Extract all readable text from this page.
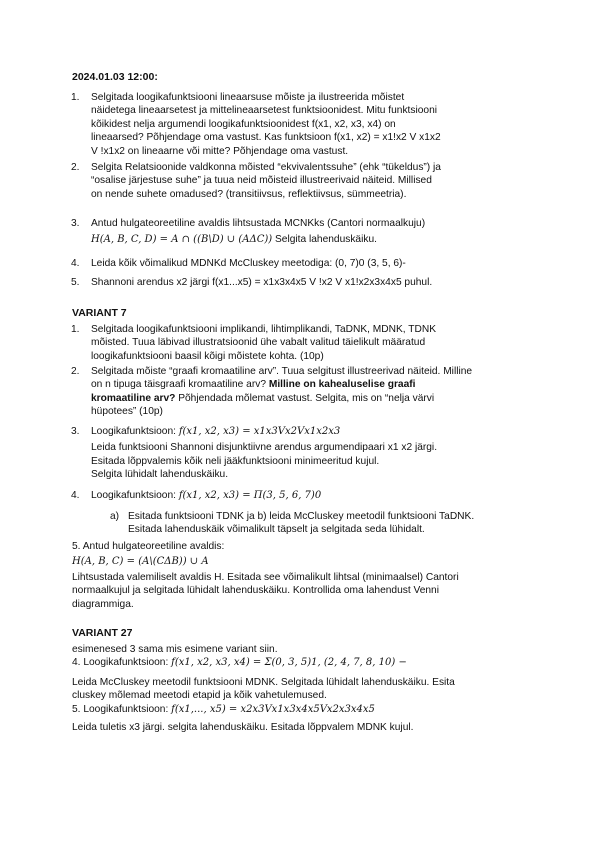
2024.01.03 12:00:
1. Selgitada loogikafunktsiooni lineaarsuse mõiste ja ilustreerida mõistet
näidetega lineaarsetest ja mittelineaarsetest funktsioonidest. Mitu funktsiooni
kõikidest nelja argumendi loogikafunktsioonidest f(x1, x2, x3, x4) on
lineaarsed? Põhjendage oma vastust. Kas funktsioon f(x1, x2) = x1!x2 V x1x2
V !x1x2 on lineaarne või mitte? Põhjendage oma vastust.
2. Selgita Relatsioonide valdkonna mõisted “ekvivalentssuhe” (ehk “tükeldus”) ja
“osalise järjestuse suhe” ja tuua neid mõisteid illustreerivaid näiteid. Millised
on nende suhete omadused? (transitiivsus, reflektiivsus, sümmeetria).
3. Antud hulgateoreetiline avaldis lihtsustada MCNKks (Cantori normaalkuju)
H(A, B, C, D) = A ∩ ((B\D) ∪ (AΔC)) Selgita lahenduskäiku.
4. Leida kõik võimalikud MDNKd McCluskey meetodiga: (0, 7)0 (3, 5, 6)-
5. Shannoni arendus x2 järgi f(x1...x5) = x1x3x4x5 V !x2 V x1!x2x3x4x5 puhul.
VARIANT 7
1. Selgitada loogikafunktsiooni implikandi, lihtimplikandi, TaDNK, MDNK, TDNK
mõisted. Tuua läbivad illustratsioonid ühe vabalt valitud täielikult määratud
loogikafunktsiooni baasil kõigi mõistete kohta. (10p)
2. Selgitada mõiste “graafi kromaatiline arv”. Tuua selgitust illustreerivad näiteid. Milline
on n tipuga täisgraafi kromaatiline arv? Milline on kahealuselise graafi
kromaatiline arv? Põhjendada mõlemat vastust. Selgita, mis on “nelja värvi
hüpotees” (10p)
3. Loogikafunktsioon: f(x1, x2, x3) = x1x3Vx2Vx1x2x3
Leida funktsiooni Shannoni disjunktiivne arendus argumendipaari x1 x2 järgi.
Esitada lõppvalemis kõik neli jääkfunktsiooni minimeeritud kujul.
Selgita lühidalt lahenduskäiku.
4. Loogikafunktsioon: f(x1, x2, x3) = Π(3, 5, 6, 7)0
a) Esitada funktsiooni TDNK ja b) leida McCluskey meetodil funktsiooni TaDNK.
Esitada lahenduskäik võimalikult täpselt ja selgitada seda lühidalt.
5. Antud hulgateoreetiline avaldis:
H(A, B, C) = (A\(CΔB)) ∪ A
Lihtsustada valemiliselt avaldis H. Esitada see võimalikult lihtsal (minimaalsel) Cantori
normaalkujul ja selgitada lühidalt lahenduskäiku. Kontrollida oma lahendust Venni
diagrammiga.
VARIANT 27
esimenesed 3 sama mis esimene variant siin.
4. Loogikafunktsioon: f(x1, x2, x3, x4) = Σ(0, 3, 5)1, (2, 4, 7, 8, 10) −
Leida McCluskey meetodil funktsiooni MDNK. Selgitada lühidalt lahenduskäiku. Esita
cluskey mõlemad meetodi etapid ja kõik vahetulemused.
5. Loogikafunktsioon: f(x1,..., x5) = x2x3Vx1x3x4x5Vx2x3x4x5
Leida tuletis x3 järgi. selgita lahenduskäiku. Esitada lõppvalem MDNK kujul.
